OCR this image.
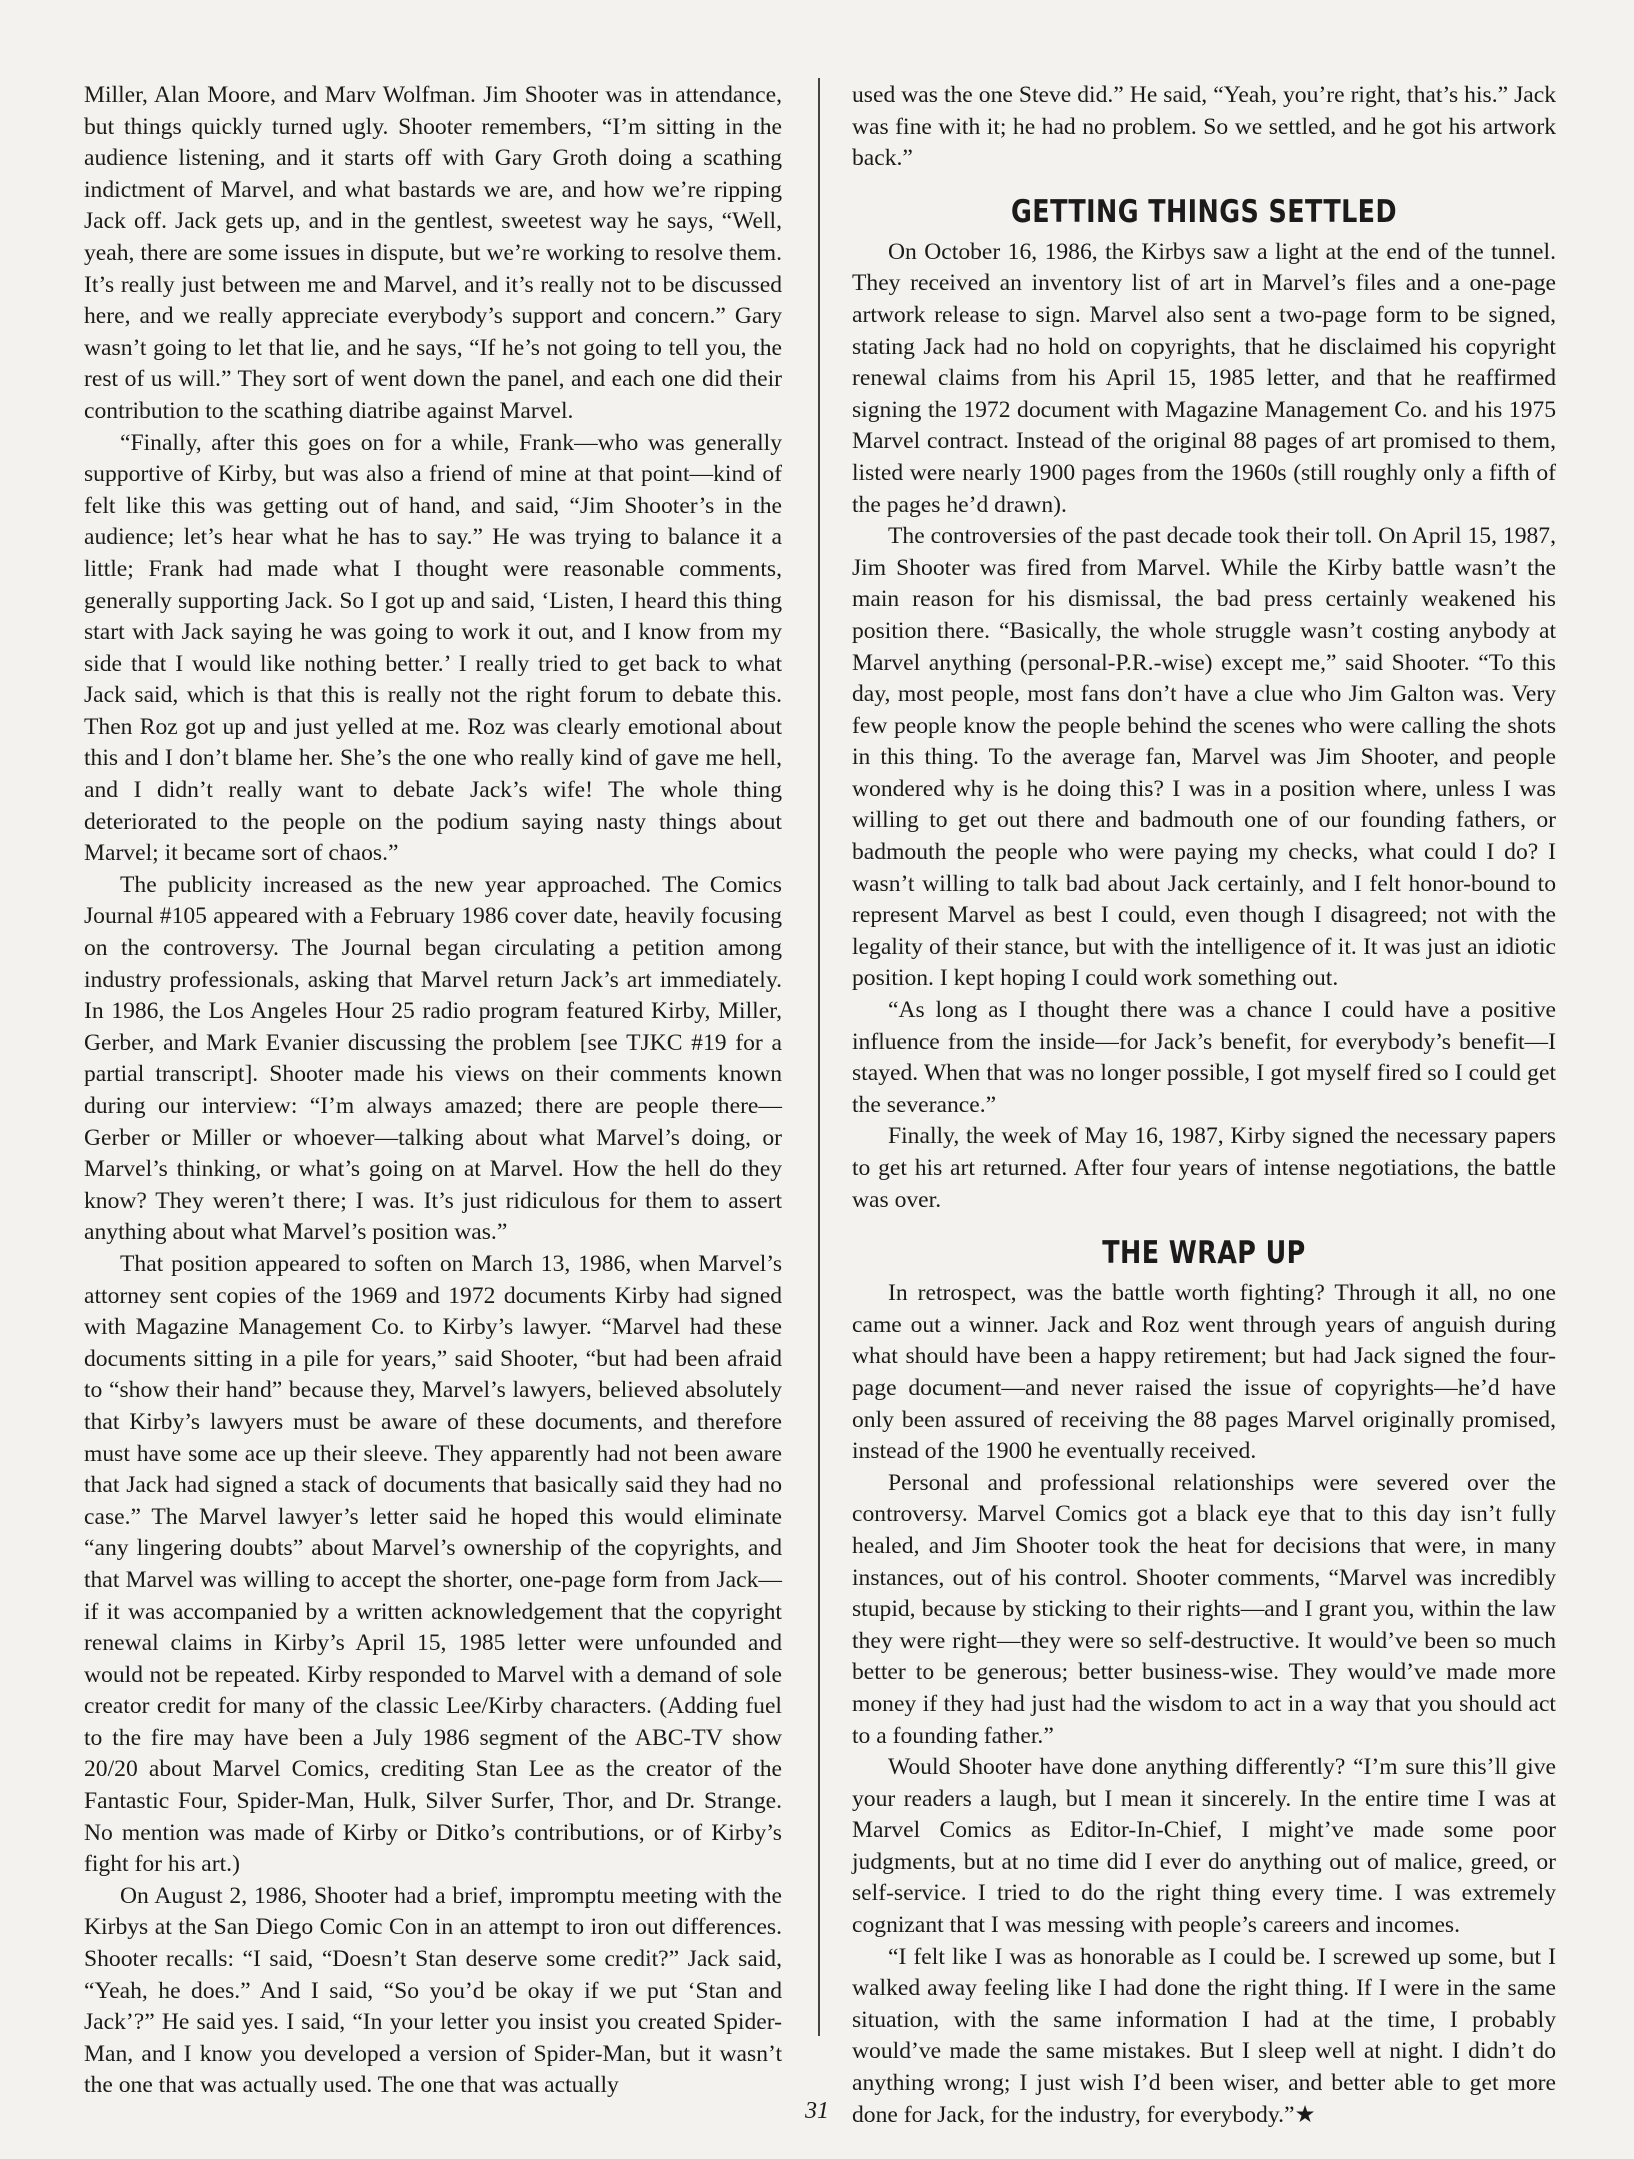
Miller, Alan Moore, and Marv Wolfman. Jim Shooter was in attendance, but things quickly turned ugly. Shooter remembers, “I’m sitting in the audience listening, and it starts off with Gary Groth doing a scathing indictment of Marvel, and what bastards we are, and how we’re ripping Jack off. Jack gets up, and in the gentlest, sweetest way he says, “Well, yeah, there are some issues in dispute, but we’re working to resolve them. It’s really just between me and Marvel, and it’s really not to be discussed here, and we really appreciate everybody’s support and concern.” Gary wasn’t going to let that lie, and he says, “If he’s not going to tell you, the rest of us will.” They sort of went down the panel, and each one did their contribution to the scathing diatribe against Marvel.

“Finally, after this goes on for a while, Frank—who was generally supportive of Kirby, but was also a friend of mine at that point—kind of felt like this was getting out of hand, and said, “Jim Shooter’s in the audience; let’s hear what he has to say.” He was trying to balance it a little; Frank had made what I thought were reasonable comments, generally supporting Jack. So I got up and said, ‘Listen, I heard this thing start with Jack saying he was going to work it out, and I know from my side that I would like nothing better.’ I really tried to get back to what Jack said, which is that this is really not the right forum to debate this. Then Roz got up and just yelled at me. Roz was clearly emotional about this and I don’t blame her. She’s the one who really kind of gave me hell, and I didn’t really want to debate Jack’s wife! The whole thing deteriorated to the people on the podium saying nasty things about Marvel; it became sort of chaos.”

The publicity increased as the new year approached. The Comics Journal #105 appeared with a February 1986 cover date, heavily focusing on the controversy. The Journal began circulating a petition among industry professionals, asking that Marvel return Jack’s art immediately. In 1986, the Los Angeles Hour 25 radio program featured Kirby, Miller, Gerber, and Mark Evanier discussing the problem [see TJKC #19 for a partial transcript]. Shooter made his views on their comments known during our interview: “I’m always amazed; there are people there—Gerber or Miller or whoever—talking about what Marvel’s doing, or Marvel’s thinking, or what’s going on at Marvel. How the hell do they know? They weren’t there; I was. It’s just ridiculous for them to assert anything about what Marvel’s position was.”

That position appeared to soften on March 13, 1986, when Marvel’s attorney sent copies of the 1969 and 1972 documents Kirby had signed with Magazine Management Co. to Kirby’s lawyer. “Marvel had these documents sitting in a pile for years,” said Shooter, “but had been afraid to “show their hand” because they, Marvel’s lawyers, believed absolutely that Kirby’s lawyers must be aware of these documents, and therefore must have some ace up their sleeve. They apparently had not been aware that Jack had signed a stack of documents that basically said they had no case.” The Marvel lawyer’s letter said he hoped this would eliminate “any lingering doubts” about Marvel’s ownership of the copyrights, and that Marvel was willing to accept the shorter, one-page form from Jack—if it was accompanied by a written acknowledgement that the copyright renewal claims in Kirby’s April 15, 1985 letter were unfounded and would not be repeated. Kirby responded to Marvel with a demand of sole creator credit for many of the classic Lee/Kirby characters. (Adding fuel to the fire may have been a July 1986 segment of the ABC-TV show 20/20 about Marvel Comics, crediting Stan Lee as the creator of the Fantastic Four, Spider-Man, Hulk, Silver Surfer, Thor, and Dr. Strange. No mention was made of Kirby or Ditko’s contributions, or of Kirby’s fight for his art.)

On August 2, 1986, Shooter had a brief, impromptu meeting with the Kirbys at the San Diego Comic Con in an attempt to iron out differences. Shooter recalls: “I said, “Doesn’t Stan deserve some credit?” Jack said, “Yeah, he does.” And I said, “So you’d be okay if we put ‘Stan and Jack’?” He said yes. I said, “In your letter you insist you created Spider-Man, and I know you developed a version of Spider-Man, but it wasn’t the one that was actually used. The one that was actually

used was the one Steve did.” He said, “Yeah, you’re right, that’s his.” Jack was fine with it; he had no problem. So we settled, and he got his artwork back.”

GETTING THINGS SETTLED

On October 16, 1986, the Kirbys saw a light at the end of the tunnel. They received an inventory list of art in Marvel’s files and a one-page artwork release to sign. Marvel also sent a two-page form to be signed, stating Jack had no hold on copyrights, that he disclaimed his copyright renewal claims from his April 15, 1985 letter, and that he reaffirmed signing the 1972 document with Magazine Management Co. and his 1975 Marvel contract. Instead of the original 88 pages of art promised to them, listed were nearly 1900 pages from the 1960s (still roughly only a fifth of the pages he’d drawn).

The controversies of the past decade took their toll. On April 15, 1987, Jim Shooter was fired from Marvel. While the Kirby battle wasn’t the main reason for his dismissal, the bad press certainly weakened his position there. “Basically, the whole struggle wasn’t costing anybody at Marvel anything (personal-P.R.-wise) except me,” said Shooter. “To this day, most people, most fans don’t have a clue who Jim Galton was. Very few people know the people behind the scenes who were calling the shots in this thing. To the average fan, Marvel was Jim Shooter, and people wondered why is he doing this? I was in a position where, unless I was willing to get out there and badmouth one of our founding fathers, or badmouth the people who were paying my checks, what could I do? I wasn’t willing to talk bad about Jack certainly, and I felt honor-bound to represent Marvel as best I could, even though I disagreed; not with the legality of their stance, but with the intelligence of it. It was just an idiotic position. I kept hoping I could work something out.

“As long as I thought there was a chance I could have a positive influence from the inside—for Jack’s benefit, for everybody’s benefit—I stayed. When that was no longer possible, I got myself fired so I could get the severance.”

Finally, the week of May 16, 1987, Kirby signed the necessary papers to get his art returned. After four years of intense negotiations, the battle was over.

THE WRAP UP

In retrospect, was the battle worth fighting? Through it all, no one came out a winner. Jack and Roz went through years of anguish during what should have been a happy retirement; but had Jack signed the four-page document—and never raised the issue of copyrights—he’d have only been assured of receiving the 88 pages Marvel originally promised, instead of the 1900 he eventually received.

Personal and professional relationships were severed over the controversy. Marvel Comics got a black eye that to this day isn’t fully healed, and Jim Shooter took the heat for decisions that were, in many instances, out of his control. Shooter comments, “Marvel was incredibly stupid, because by sticking to their rights—and I grant you, within the law they were right—they were so self-destructive. It would’ve been so much better to be generous; better business-wise. They would’ve made more money if they had just had the wisdom to act in a way that you should act to a founding father.”

Would Shooter have done anything differently? “I’m sure this’ll give your readers a laugh, but I mean it sincerely. In the entire time I was at Marvel Comics as Editor-In-Chief, I might’ve made some poor judgments, but at no time did I ever do anything out of malice, greed, or self-service. I tried to do the right thing every time. I was extremely cognizant that I was messing with people’s careers and incomes.

“I felt like I was as honorable as I could be. I screwed up some, but I walked away feeling like I had done the right thing. If I were in the same situation, with the same information I had at the time, I probably would’ve made the same mistakes. But I sleep well at night. I didn’t do anything wrong; I just wish I’d been wiser, and better able to get more done for Jack, for the industry, for everybody.”★

31
